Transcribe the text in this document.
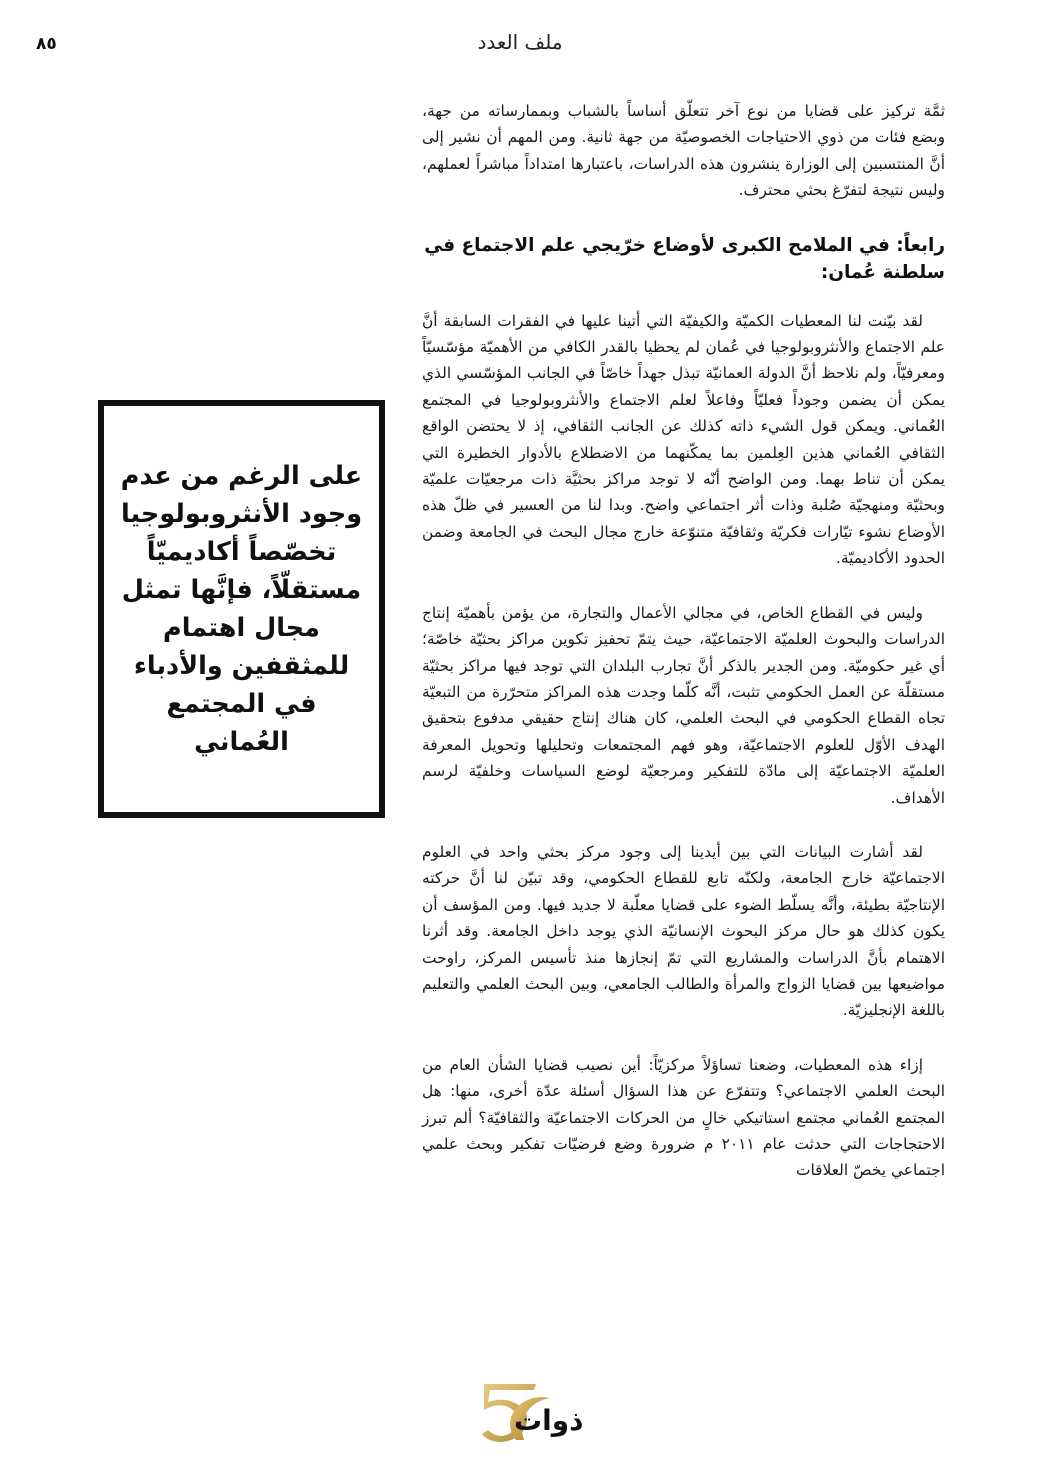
ملف العدد
٨٥

ثمَّة تركيز على قضايا من نوع آخر تتعلّق أساساً بالشباب وبممارساته من جهة، وبضع فئات من ذوي الاحتياجات الخصوصيّة من جهة ثانية. ومن المهم أن نشير إلى أنَّ المنتسبين إلى الوزارة ينشرون هذه الدراسات، باعتبارها امتداداً مباشراً لعملهم، وليس نتيجة لتفرّغ بحثي محترف.

رابعاً: في الملامح الكبرى لأوضاع خرّيجي علم الاجتماع في سلطنة عُمان:

لقد بيّنت لنا المعطيات الكميّة والكيفيّة التي أتينا عليها في الفقرات السابقة أنَّ علم الاجتماع والأنثروبولوجيا في عُمان لم يحظيا بالقدر الكافي من الأهميّة مؤسّسيّاً ومعرفيّاً، ولم نلاحظ أنَّ الدولة العمانيّة تبذل جهداً خاصّاً في الجانب المؤسّسي الذي يمكن أن يضمن وجوداً فعليّاً وفاعلاً لعلم الاجتماع والأنثروبولوجيا في المجتمع العُماني. ويمكن قول الشيء ذاته كذلك عن الجانب الثقافي، إذ لا يحتضن الواقع الثقافي العُماني هذين العِلمين بما يمكّنهما من الاضطلاع بالأدوار الخطيرة التي يمكن أن تناط بهما. ومن الواضح أنّه لا توجد مراكز بحثيَّة ذات مرجعيّات علميّة وبحثيّة ومنهجيّة صُلبة وذات أثر اجتماعي واضح. وبدا لنا من العسير في ظلّ هذه الأوضاع نشوء تيّارات فكريّة وثقافيّة متنوّعة خارج مجال البحث في الجامعة وضمن الحدود الأكاديميّة.

وليس في القطاع الخاص، في مجالي الأعمال والتجارة، من يؤمن بأهميّة إنتاج الدراسات والبحوث العلميّة الاجتماعيّة، حيث يتمّ تحفيز تكوين مراكز بحثيّة خاصّة؛ أي غير حكوميّة. ومن الجدير بالذكر أنَّ تجارب البلدان التي توجد فيها مراكز بحثيّة مستقلّة عن العمل الحكومي تثبت، أنَّه كلّما وجدت هذه المراكز متحرّرة من التبعيّة تجاه القطاع الحكومي في البحث العلمي، كان هناك إنتاج حقيقي مدفوع بتحقيق الهدف الأوّل للعلوم الاجتماعيّة، وهو فهم المجتمعات وتحليلها وتحويل المعرفة العلميّة الاجتماعيّة إلى مادّة للتفكير ومرجعيّة لوضع السياسات وخلفيّة لرسم الأهداف.

لقد أشارت البيانات التي بين أيدينا إلى وجود مركز بحثي واحد في العلوم الاجتماعيّة خارج الجامعة، ولكنّه تابع للقطاع الحكومي، وقد تبيّن لنا أنَّ حركته الإنتاجيّة بطيئة، وأنَّه يسلّط الضوء على قضايا معلّبة لا جديد فيها. ومن المؤسف أن يكون كذلك هو حال مركز البحوث الإنسانيّة الذي يوجد داخل الجامعة. وقد أثرنا الاهتمام بأنَّ الدراسات والمشاريع التي تمّ إنجازها منذ تأسيس المركز، راوحت مواضيعها بين قضايا الزواج والمرأة والطالب الجامعي، وبين البحث العلمي والتعليم باللغة الإنجليزيّة.

إزاء هذه المعطيات، وضعنا تساؤلاً مركزيّاً: أين نصيب قضايا الشأن العام من البحث العلمي الاجتماعي؟ وتتفرّع عن هذا السؤال أسئلة عدّة أخرى، منها: هل المجتمع العُماني مجتمع استاتيكي خالٍ من الحركات الاجتماعيّة والثقافيّة؟ ألم تبرز الاحتجاجات التي حدثت عام ٢٠١١ م ضرورة وضع فرضيّات تفكير وبحث علمي اجتماعي يخصّ العلاقات

على الرغم من عدم وجود الأنثروبولوجيا تخصّصاً أكاديميّاً مستقلّاً، فإنَّها تمثل مجال اهتمام للمثقفين والأدباء في المجتمع العُماني
ذوات
